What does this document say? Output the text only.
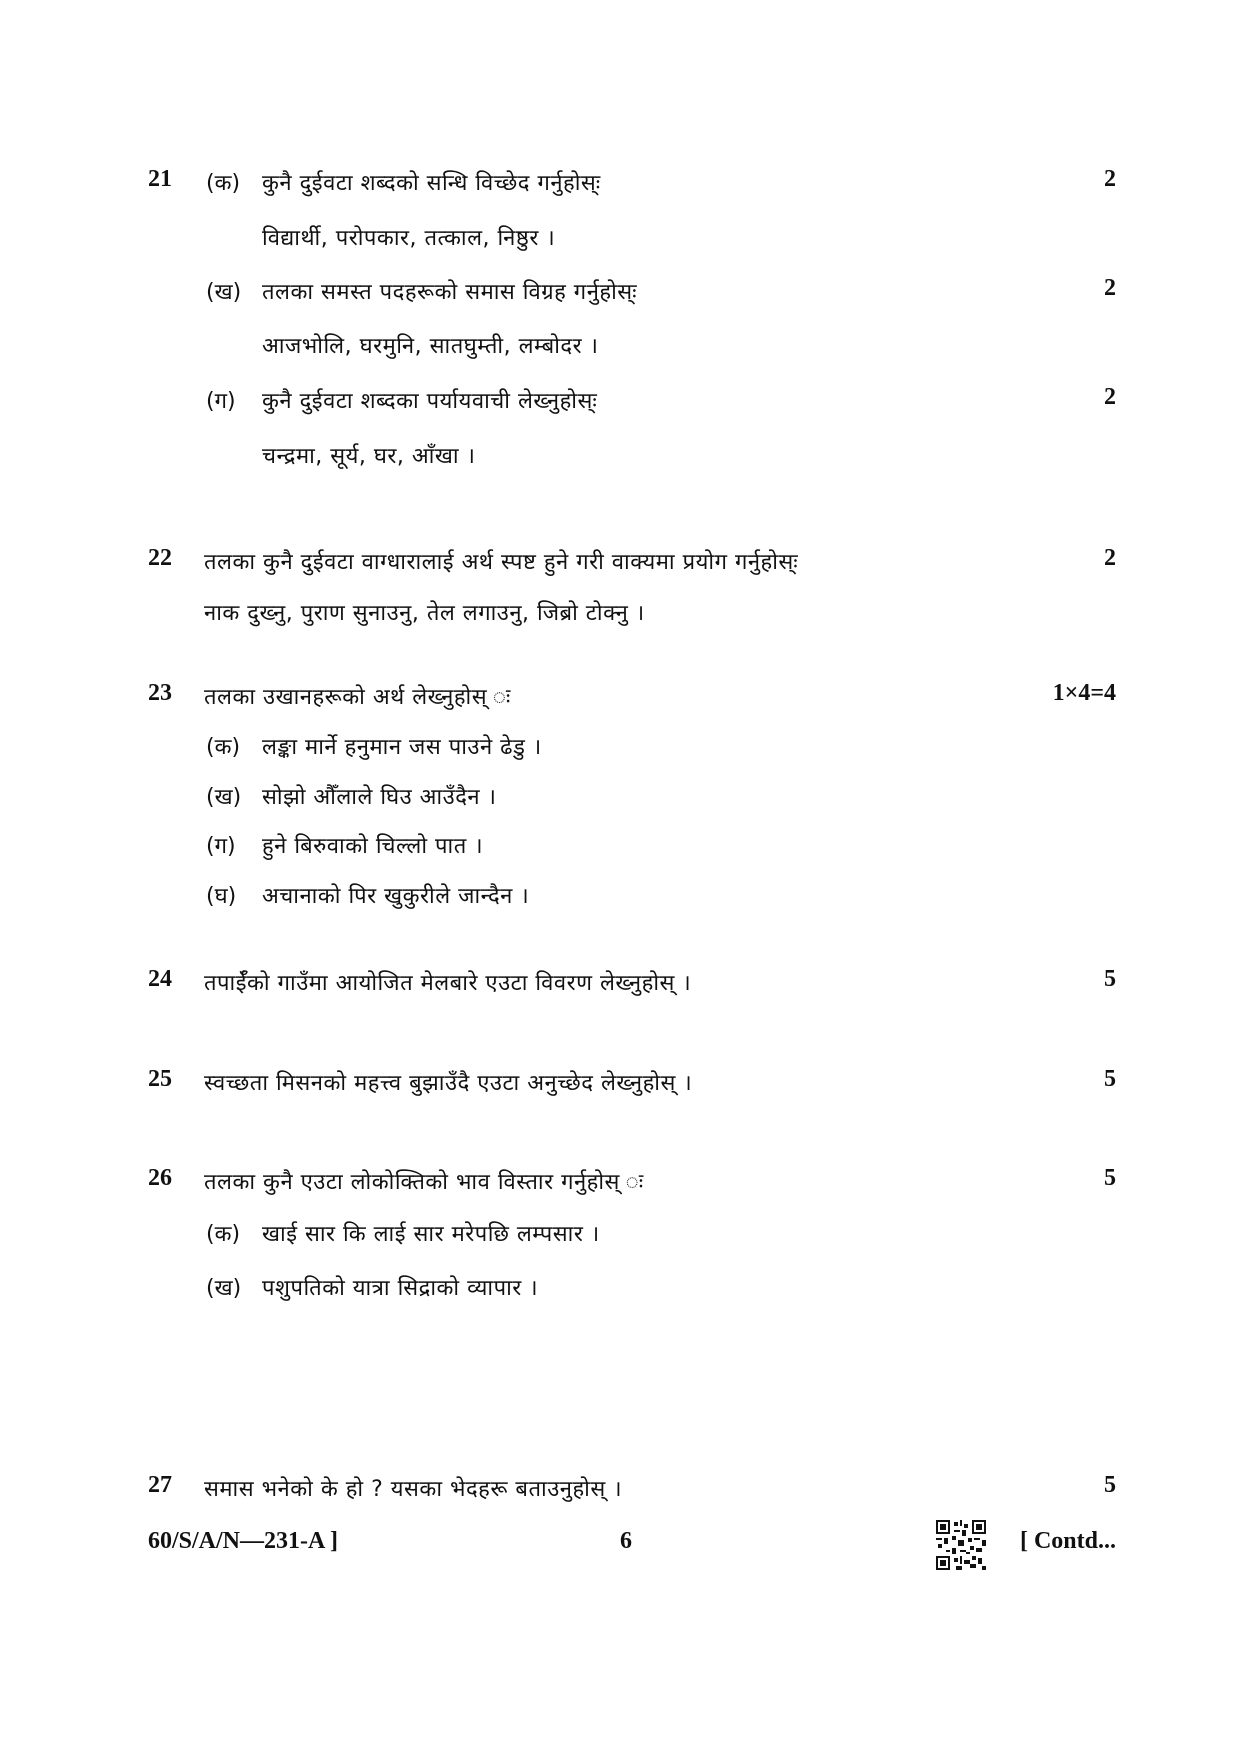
21 (क) कुनै दुईवटा शब्दको सन्धि विच्छेद गर्नुहोस्ः	2
विद्यार्थी, परोपकार, तत्काल, निष्ठुर ।
(ख) तलका समस्त पदहरूको समास विग्रह गर्नुहोस्ः	2
आजभोलि, घरमुनि, सातघुम्ती, लम्बोदर ।
(ग) कुनै दुईवटा शब्दका पर्यायवाची लेख्नुहोस्ः	2
चन्द्रमा, सूर्य, घर, आँखा ।
22 तलका कुनै दुईवटा वाग्धारालाई अर्थ स्पष्ट हुने गरी वाक्यमा प्रयोग गर्नुहोस्ः	2
नाक दुख्नु, पुराण सुनाउनु, तेल लगाउनु, जिब्रो टोक्नु ।
23 तलका उखानहरूको अर्थ लेख्नुहोस् ः	1×4=4
(क) लङ्का मार्ने हनुमान जस पाउने ढेडु ।
(ख) सोझो औँलाले घिउ आउँदैन ।
(ग) हुने बिरुवाको चिल्लो पात ।
(घ) अचानाको पिर खुकुरीले जान्दैन ।
24 तपाईँको गाउँमा आयोजित मेलबारे एउटा विवरण लेख्नुहोस् ।	5
25 स्वच्छता मिसनको महत्त्व बुझाउँदै एउटा अनुच्छेद लेख्नुहोस् ।	5
26 तलका कुनै एउटा लोकोक्तिको भाव विस्तार गर्नुहोस् ः	5
(क) खाई सार कि लाई सार मरेपछि लम्पसार ।
(ख) पशुपतिको यात्रा सिद्राको व्यापार ।
27 समास भनेको के हो ? यसका भेदहरू बताउनुहोस् ।	5
60/S/A/N—231-A ]	6	[ Contd...
